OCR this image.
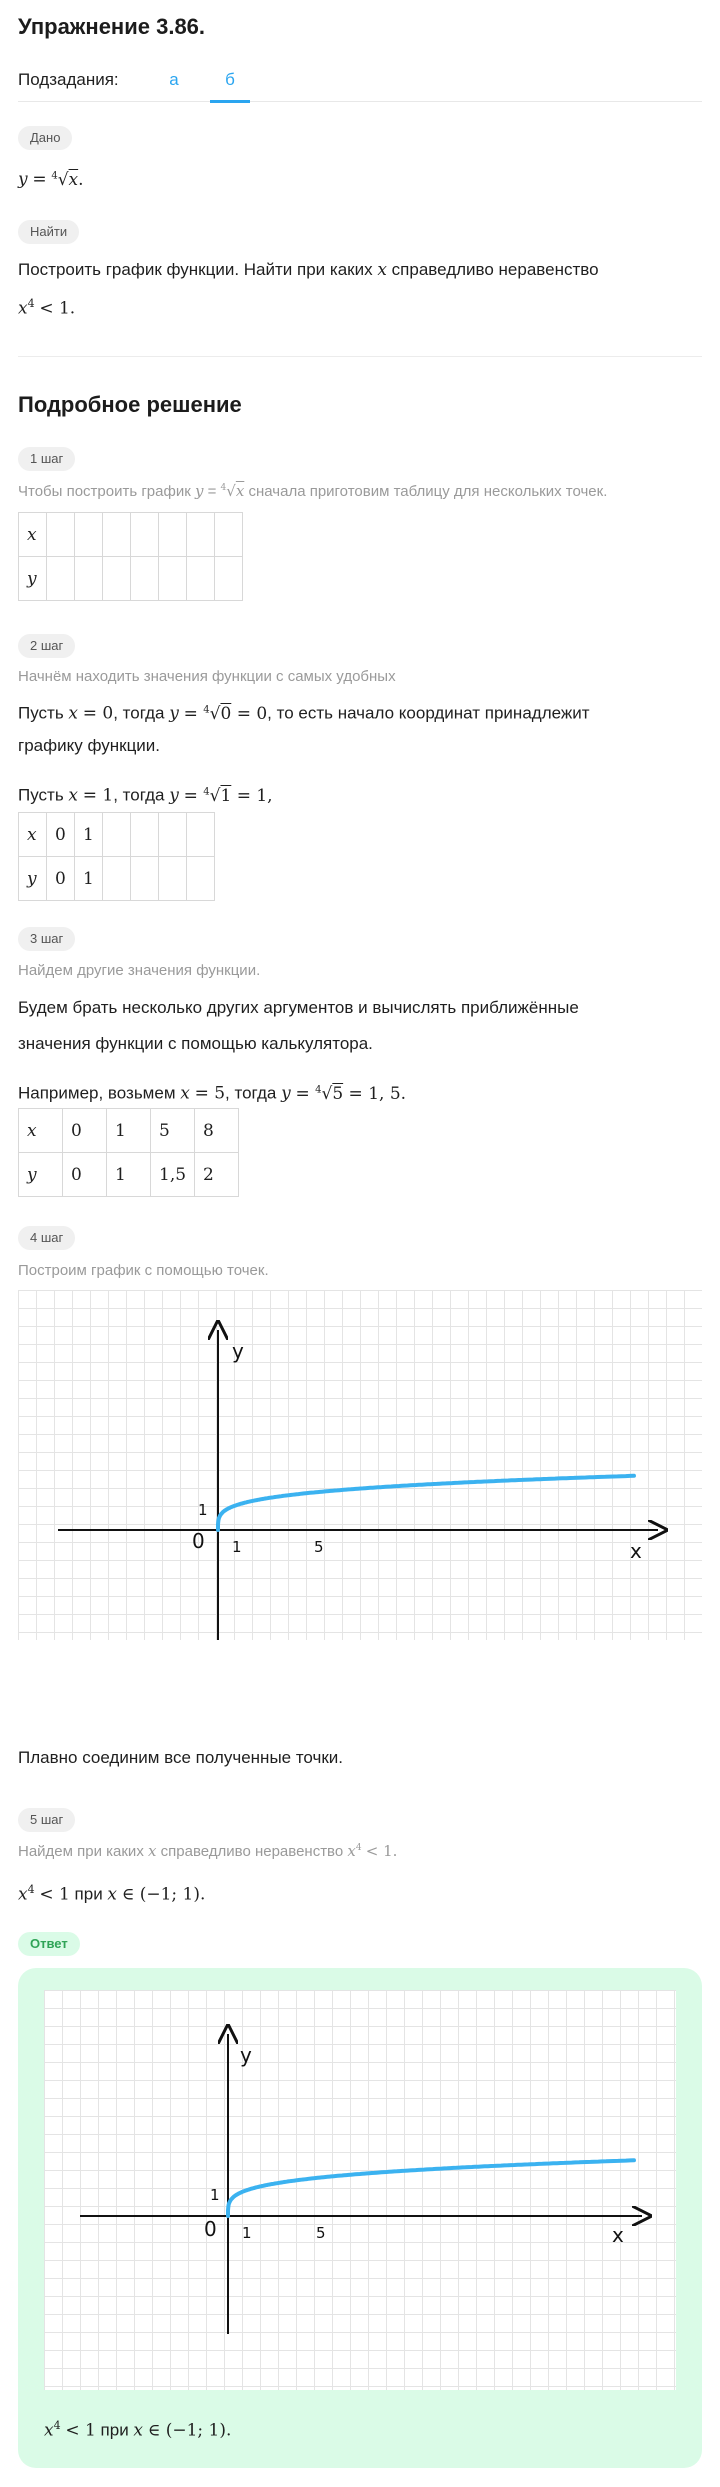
Упражнение 3.86.
Подзадания:	а	б
Дано
y = $^4$√x.
Найти
Построить график функции. Найти при каких x справедливо неравенство
$x^4 < 1$.
Подробное решение
1 шаг
Чтобы построить график y = $^4$√x сначала приготовим таблицу для нескольких точек.
x							
y							
2 шаг
Начнём находить значения функции с самых удобных
Пусть x = 0, тогда y = $^4$√0 = 0, то есть начало координат принадлежит
графику функции.
Пусть x = 1, тогда y = $^4$√1 = 1,
x	0	1				
y	0	1				
3 шаг
Найдем другие значения функции.
Будем брать несколько других аргументов и вычислять приближённые
значения функции с помощью калькулятора.
Например, возьмем x = 5, тогда y = $^4$√5 = 1, 5.
x	0	1	5	8
y	0	1	1,5	2
4 шаг
Построим график с помощью точек.
y
x
0 1	5
1
Плавно соединим все полученные точки.
5 шаг
Найдем при каких x справедливо неравенство $x^4 < 1$.
$x^4 < 1$ при x ∈ (−1; 1).
Ответ
y
x
0 1	5
1
$x^4 < 1$ при x ∈ (−1; 1).
